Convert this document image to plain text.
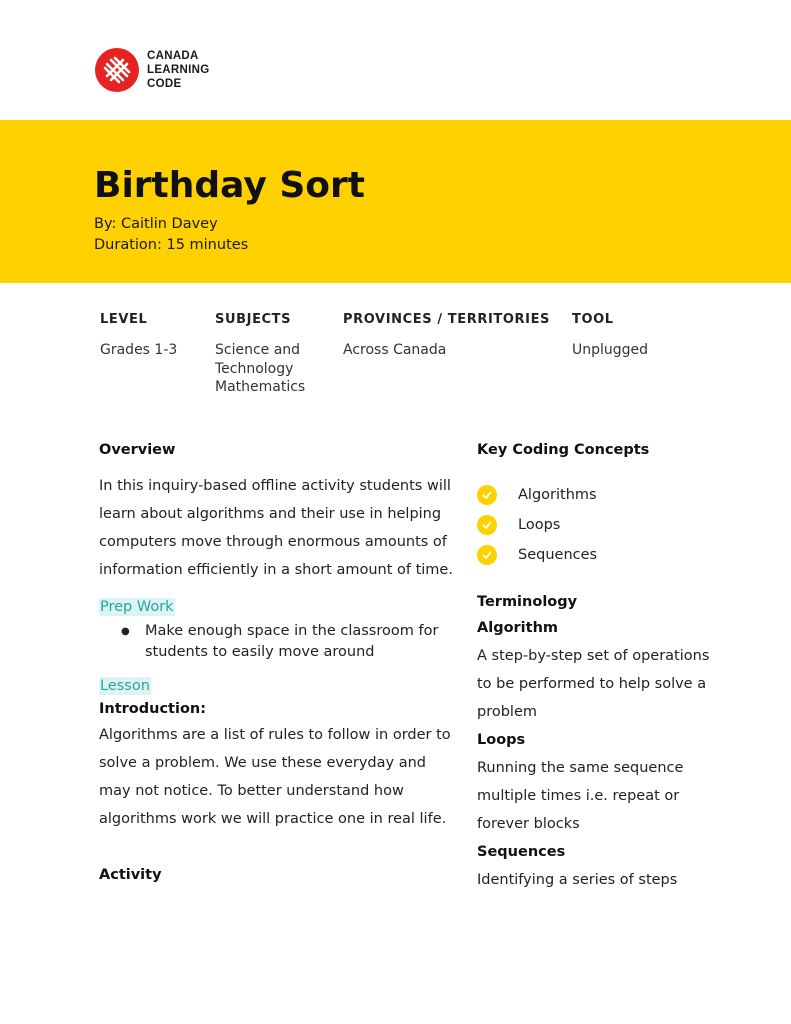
CANADA
LEARNING
CODE
Birthday Sort
By: Caitlin Davey
Duration: 15 minutes
LEVEL
Grades 1-3
SUBJECTS
Science and
Technology
Mathematics
PROVINCES / TERRITORIES
Across Canada
TOOL
Unplugged
Overview

In this inquiry-based offline activity students will learn about algorithms and their use in helping computers move through enormous amounts of information efficiently in a short amount of time.

Prep Work
● Make enough space in the classroom for students to easily move around
Lesson
Introduction:

Algorithms are a list of rules to follow in order to solve a problem. We use these everyday and may not notice. To better understand how algorithms work we will practice one in real life.

Activity
Key Coding Concepts
Algorithms
Loops
Sequences
Terminology
Algorithm
A step-by-step set of operations to be performed to help solve a problem
Loops
Running the same sequence multiple times i.e. repeat or forever blocks
Sequences
Identifying a series of steps
